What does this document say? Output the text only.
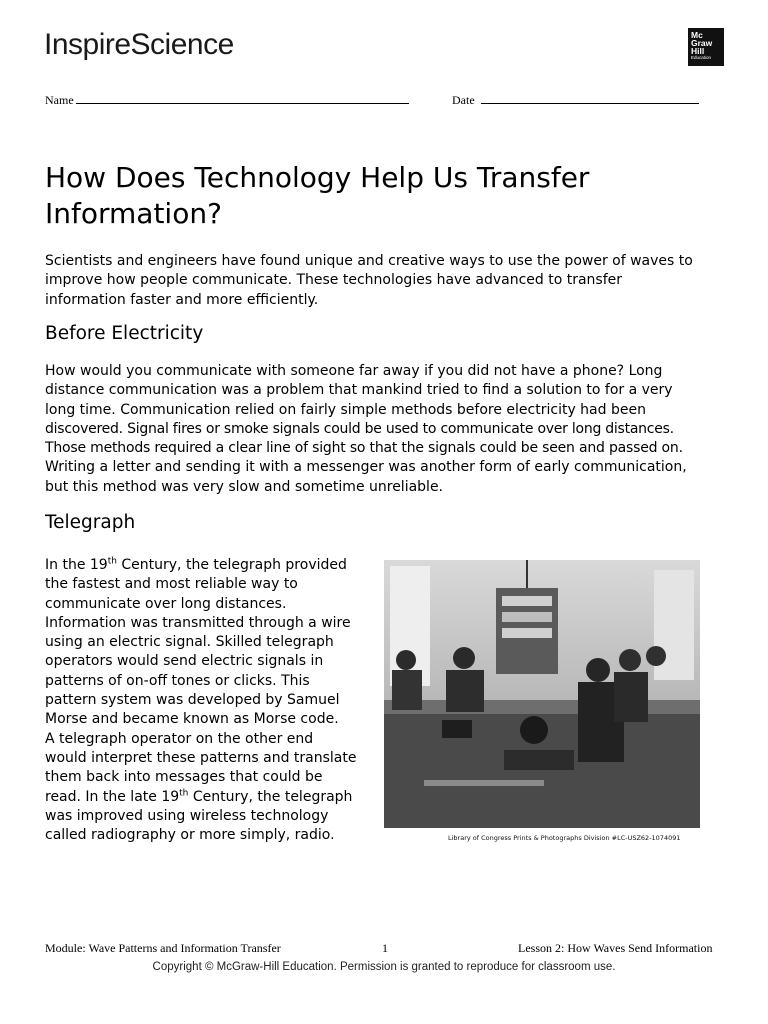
InspireScience	Mc
Graw
Hill
Education
Name	Date
How Does Technology Help Us Transfer Information?
Scientists and engineers have found unique and creative ways to use the power of waves to
improve how people communicate. These technologies have advanced to transfer
information faster and more efficiently.
Before Electricity
How would you communicate with someone far away if you did not have a phone? Long
distance communication was a problem that mankind tried to find a solution to for a very
long time. Communication relied on fairly simple methods before electricity had been
discovered. Signal fires or smoke signals could be used to communicate over long distances.
Those methods required a clear line of sight so that the signals could be seen and passed on.
Writing a letter and sending it with a messenger was another form of early communication,
but this method was very slow and sometime unreliable.
Telegraph
In the 19th Century, the telegraph provided
the fastest and most reliable way to
communicate over long distances.
Information was transmitted through a wire
using an electric signal. Skilled telegraph
operators would send electric signals in
patterns of on-off tones or clicks. This
pattern system was developed by Samuel
Morse and became known as Morse code.
A telegraph operator on the other end
would interpret these patterns and translate
them back into messages that could be
read. In the late 19th Century, the telegraph
was improved using wireless technology
called radiography or more simply, radio.	Library of Congress Prints & Photographs Division #LC-USZ62-1074091
Module: Wave Patterns and Information Transfer	1	Lesson 2: How Waves Send Information
Copyright © McGraw-Hill Education. Permission is granted to reproduce for classroom use.
